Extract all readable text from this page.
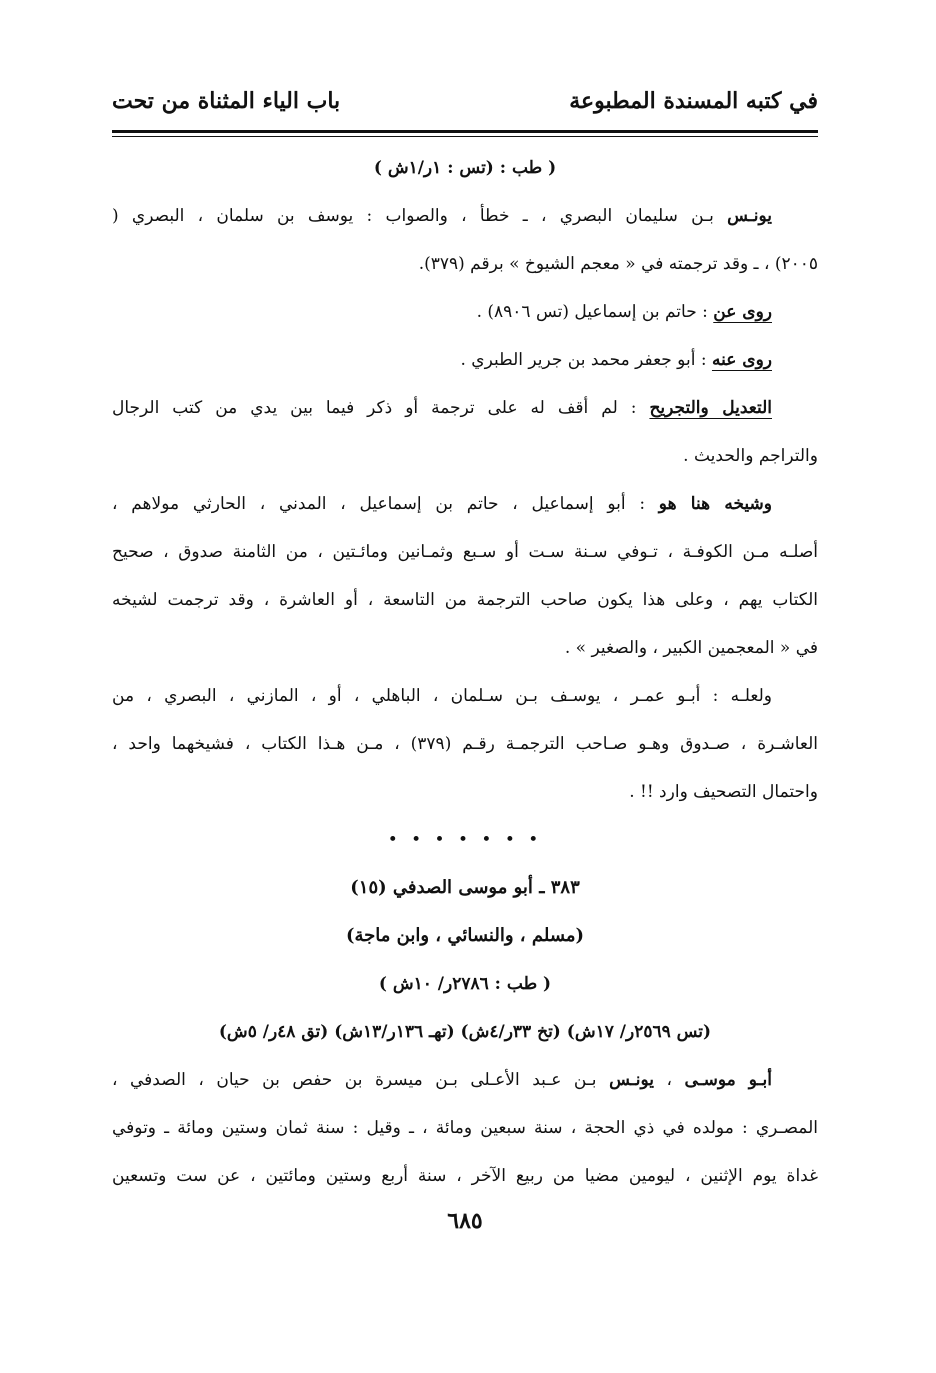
في كتبه المسندة المطبوعة
باب الياء المثناة من تحت
( طب : (تس : ١ر/١ش )
يونـس بـن سليمان البصري ، ـ خطأ ، والصواب : يوسف بن سلمان ، البصري (
٢٠٠٥) ، ـ وقد ترجمته في « معجم الشيوخ » برقم (٣٧٩).
روى عن : حاتم بن إسماعيل (تس ٨٩٠٦) .
روى عنه : أبو جعفر محمد بن جرير الطبري .
التعديل والتجريح : لم أقف له على ترجمة أو ذكر فيما بين يدي من كتب الرجال
والتراجم والحديث .
وشيخه هنا هو : أبو إسماعيل ، حاتم بن إسماعيل ، المدني ، الحارثي مولاهم ،
أصلـه مـن الكوفـة ، تـوفي سـنة سـت أو سـبع وثمـانين ومائـتين ، من الثامنة صدوق ، صحيح
الكتاب يهم ، وعلى هذا يكون صاحب الترجمة من التاسعة ، أو العاشرة ، وقد ترجمت لشيخه
في « المعجمين الكبير ، والصغير » .
ولعلـه : أبـو عمـر ، يوسـف بـن سـلمان ، الباهلي ، أو ، المازني ، البصري ، من
العاشـرة ، صـدوق وهـو صـاحب الترجمـة رقـم (٣٧٩) ، مـن هـذا الكتاب ، فشيخهما واحد ،
واحتمال التصحيف وارد !! .
• • • • • • •
٣٨٣ ـ أبو موسى الصدفي (١٥)
(مسلم ، والنسائي ، وابن ماجة)
( طب : ٢٧٨٦ر/ ١٠ش )
(تس ٢٥٦٩ر/ ١٧ش) (تخ ٣٣ر/٤ش) (تهـ ١٣٦ر/١٣ش) (تق ٤٨ر/ ٥ش)
أبـو موسـى ، يونـس بـن عـبد الأعـلى بـن ميسرة بن حفص بن حيان ، الصدفي ،
المصـري : مولده في ذي الحجة ، سنة سبعين ومائة ، ـ وقيل : سنة ثمان وستين ومائة ـ وتوفي
غداة يوم الإثنين ، ليومين مضيا من ربيع الآخر ، سنة أربع وستين ومائتين ، عن ست وتسعين
٦٨٥
